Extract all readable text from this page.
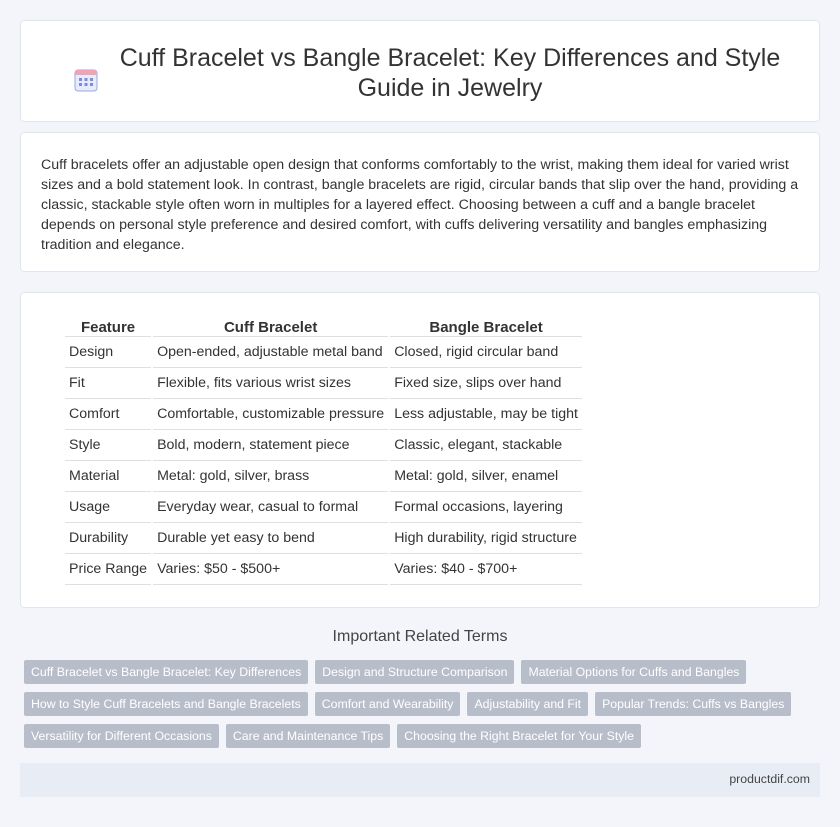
Cuff Bracelet vs Bangle Bracelet: Key Differences and Style Guide in Jewelry

Cuff bracelets offer an adjustable open design that conforms comfortably to the wrist, making them ideal for varied wrist sizes and a bold statement look. In contrast, bangle bracelets are rigid, circular bands that slip over the hand, providing a classic, stackable style often worn in multiples for a layered effect. Choosing between a cuff and a bangle bracelet depends on personal style preference and desired comfort, with cuffs delivering versatility and bangles emphasizing tradition and elegance.

Feature	Cuff Bracelet	Bangle Bracelet
Design	Open-ended, adjustable metal band	Closed, rigid circular band
Fit	Flexible, fits various wrist sizes	Fixed size, slips over hand
Comfort	Comfortable, customizable pressure	Less adjustable, may be tight
Style	Bold, modern, statement piece	Classic, elegant, stackable
Material	Metal: gold, silver, brass	Metal: gold, silver, enamel
Usage	Everyday wear, casual to formal	Formal occasions, layering
Durability	Durable yet easy to bend	High durability, rigid structure
Price Range	Varies: $50 - $500+	Varies: $40 - $700+
Important Related Terms
Cuff Bracelet vs Bangle Bracelet: Key Differences	Design and Structure Comparison	Material Options for Cuffs and Bangles
How to Style Cuff Bracelets and Bangle Bracelets	Comfort and Wearability	Adjustability and Fit	Popular Trends: Cuffs vs Bangles
Versatility for Different Occasions	Care and Maintenance Tips	Choosing the Right Bracelet for Your Style
productdif.com
